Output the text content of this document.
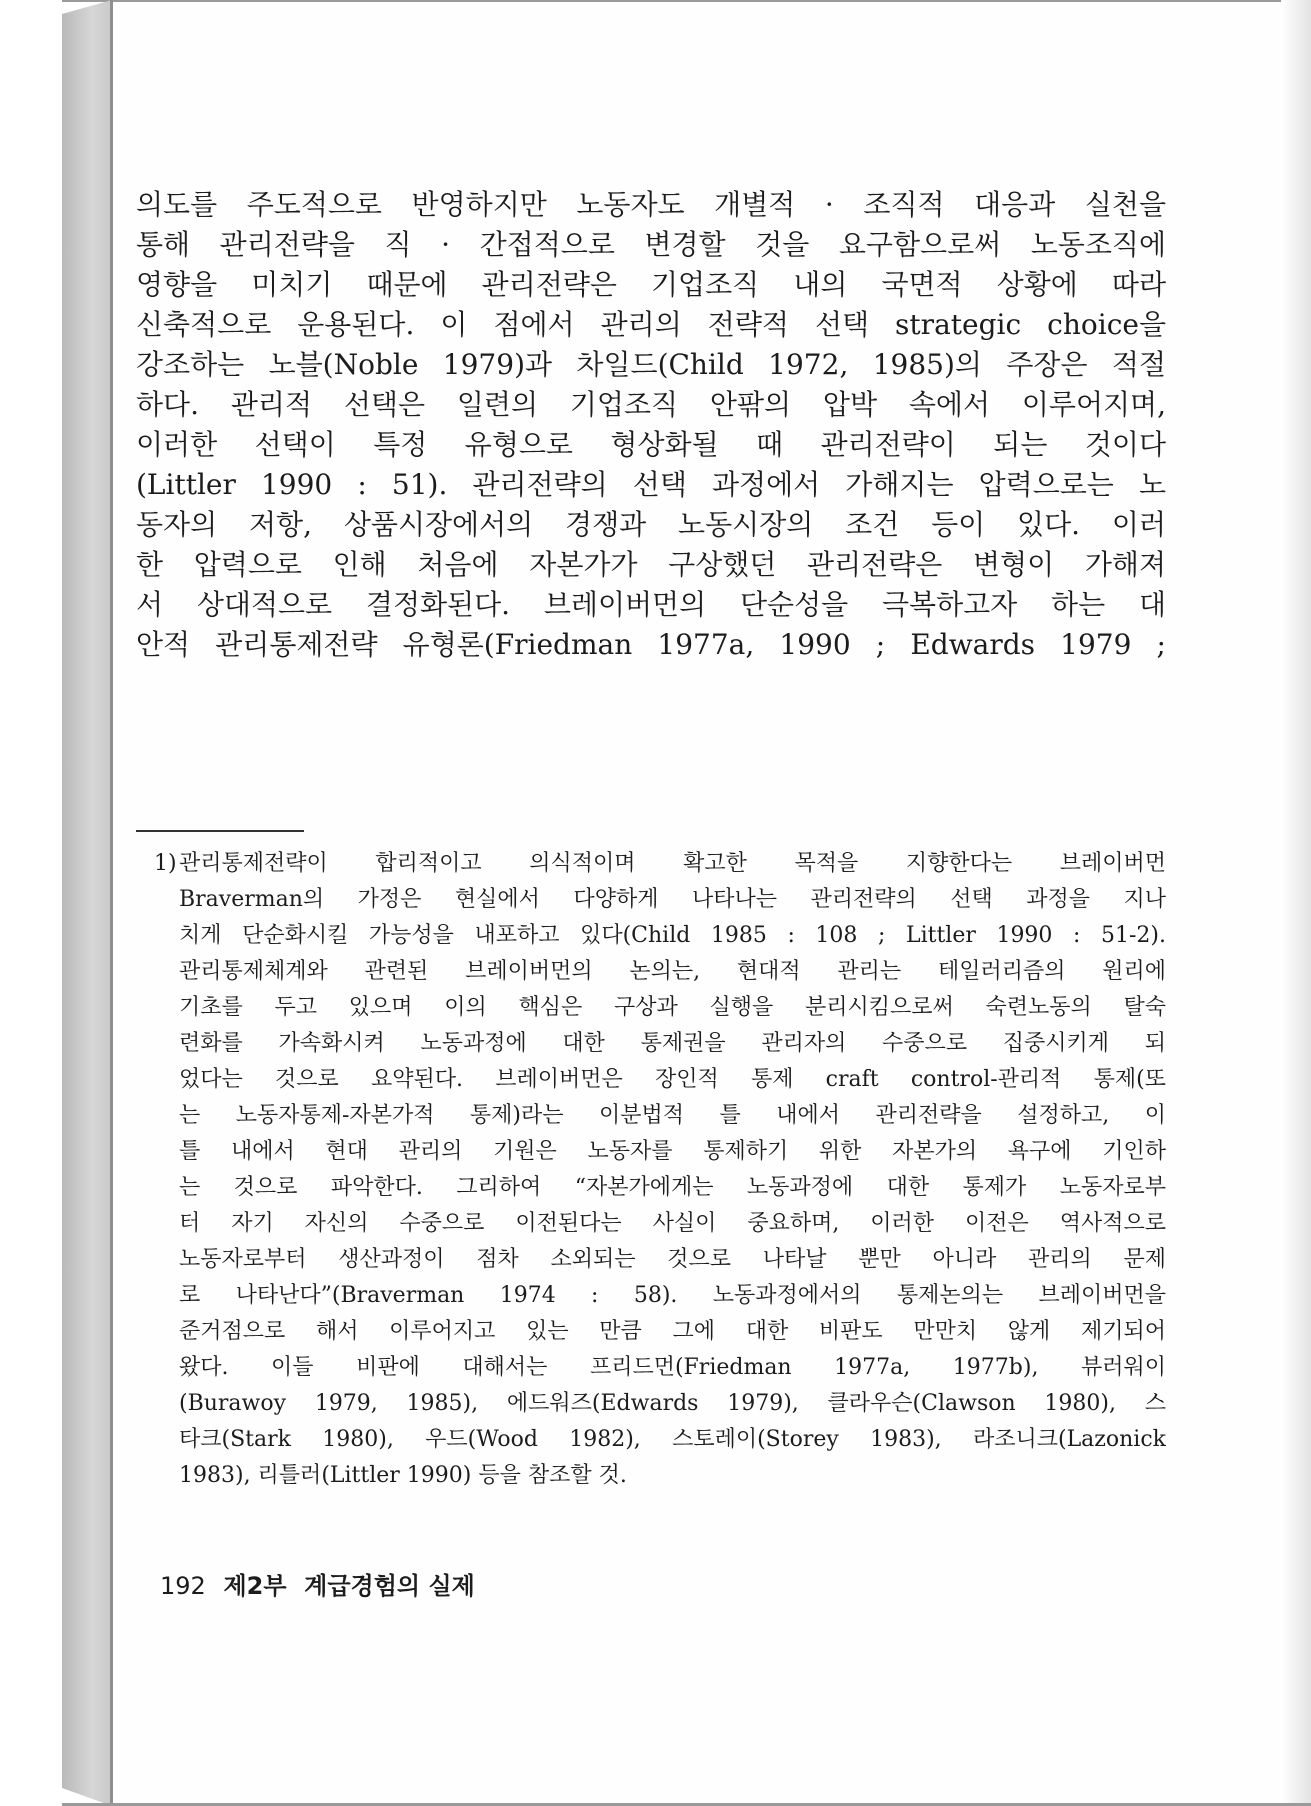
의도를 주도적으로 반영하지만 노동자도 개별적 · 조직적 대응과 실천을
통해 관리전략을 직 · 간접적으로 변경할 것을 요구함으로써 노동조직에
영향을 미치기 때문에 관리전략은 기업조직 내의 국면적 상황에 따라
신축적으로 운용된다. 이 점에서 관리의 전략적 선택 strategic choice을
강조하는 노블(Noble 1979)과 차일드(Child 1972, 1985)의 주장은 적절
하다. 관리적 선택은 일련의 기업조직 안팎의 압박 속에서 이루어지며,
이러한 선택이 특정 유형으로 형상화될 때 관리전략이 되는 것이다
(Littler 1990 : 51). 관리전략의 선택 과정에서 가해지는 압력으로는 노
동자의 저항, 상품시장에서의 경쟁과 노동시장의 조건 등이 있다. 이러
한 압력으로 인해 처음에 자본가가 구상했던 관리전략은 변형이 가해져
서 상대적으로 결정화된다. 브레이버먼의 단순성을 극복하고자 하는 대
안적 관리통제전략 유형론(Friedman 1977a, 1990 ; Edwards 1979 ;
1) 관리통제전략이 합리적이고 의식적이며 확고한 목적을 지향한다는 브레이버먼
Braverman의 가정은 현실에서 다양하게 나타나는 관리전략의 선택 과정을 지나
치게 단순화시킬 가능성을 내포하고 있다(Child 1985 : 108 ; Littler 1990 : 51-2).
관리통제체계와 관련된 브레이버먼의 논의는, 현대적 관리는 테일러리즘의 원리에
기초를 두고 있으며 이의 핵심은 구상과 실행을 분리시킴으로써 숙련노동의 탈숙
련화를 가속화시켜 노동과정에 대한 통제권을 관리자의 수중으로 집중시키게 되
었다는 것으로 요약된다. 브레이버먼은 장인적 통제 craft control-관리적 통제(또
는 노동자통제-자본가적 통제)라는 이분법적 틀 내에서 관리전략을 설정하고, 이
틀 내에서 현대 관리의 기원은 노동자를 통제하기 위한 자본가의 욕구에 기인하
는 것으로 파악한다. 그리하여 “자본가에게는 노동과정에 대한 통제가 노동자로부
터 자기 자신의 수중으로 이전된다는 사실이 중요하며, 이러한 이전은 역사적으로
노동자로부터 생산과정이 점차 소외되는 것으로 나타날 뿐만 아니라 관리의 문제
로 나타난다”(Braverman 1974 : 58). 노동과정에서의 통제논의는 브레이버먼을
준거점으로 해서 이루어지고 있는 만큼 그에 대한 비판도 만만치 않게 제기되어
왔다. 이들 비판에 대해서는 프리드먼(Friedman 1977a, 1977b), 뷰러워이
(Burawoy 1979, 1985), 에드워즈(Edwards 1979), 클라우슨(Clawson 1980), 스
타크(Stark 1980), 우드(Wood 1982), 스토레이(Storey 1983), 라조니크(Lazonick
1983), 리틀러(Littler 1990) 등을 참조할 것.
192 제2부 계급경험의 실제
